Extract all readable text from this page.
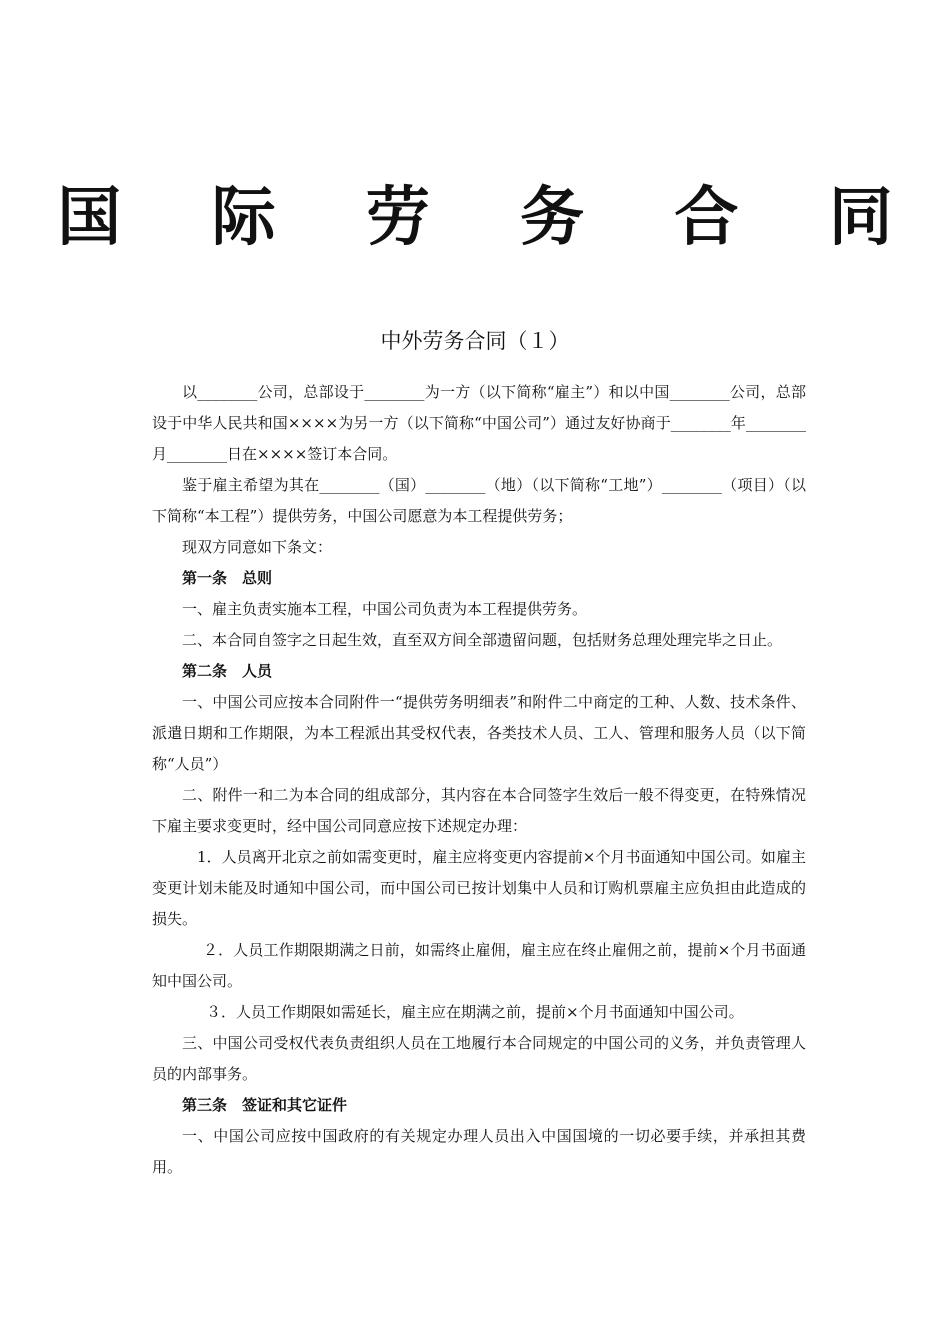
国 际 劳 务 合 同
中外劳务合同（１）

以________公司，总部设于________为一方（以下简称“雇主”）和以中国________公司，总部设于中华人民共和国××××为另一方（以下简称“中国公司”）通过友好协商于________年________月________日在××××签订本合同。

鉴于雇主希望为其在________（国）________（地）（以下简称“工地”）________（项目）（以下简称“本工程”）提供劳务，中国公司愿意为本工程提供劳务；

现双方同意如下条文：

第一条　总则

一、雇主负责实施本工程，中国公司负责为本工程提供劳务。

二、本合同自签字之日起生效，直至双方间全部遗留问题，包括财务总理处理完毕之日止。

第二条　人员

一、中国公司应按本合同附件一“提供劳务明细表”和附件二中商定的工种、人数、技术条件、派遣日期和工作期限，为本工程派出其受权代表，各类技术人员、工人、管理和服务人员（以下简称“人员”）

二、附件一和二为本合同的组成部分，其内容在本合同签字生效后一般不得变更，在特殊情况下雇主要求变更时，经中国公司同意应按下述规定办理：

1．人员离开北京之前如需变更时，雇主应将变更内容提前×个月书面通知中国公司。如雇主变更计划未能及时通知中国公司，而中国公司已按计划集中人员和订购机票雇主应负担由此造成的损失。

２．人员工作期限期满之日前，如需终止雇佣，雇主应在终止雇佣之前，提前×个月书面通知中国公司。

３．人员工作期限如需延长，雇主应在期满之前，提前×个月书面通知中国公司。

三、中国公司受权代表负责组织人员在工地履行本合同规定的中国公司的义务，并负责管理人员的内部事务。

第三条　签证和其它证件

一、中国公司应按中国政府的有关规定办理人员出入中国国境的一切必要手续，并承担其费用。
